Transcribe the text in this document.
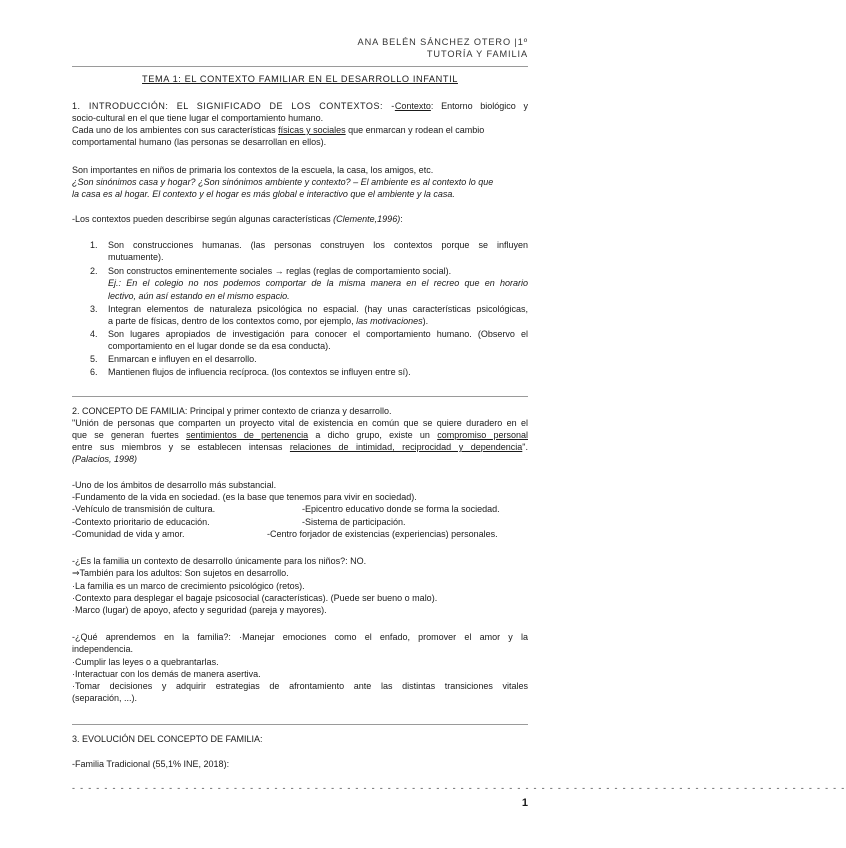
ANA BELÉN SÁNCHEZ OTERO |1º
TUTORÍA Y FAMILIA
TEMA 1: EL CONTEXTO FAMILIAR EN EL DESARROLLO INFANTIL
1. INTRODUCCIÓN: EL SIGNIFICADO DE LOS CONTEXTOS: -Contexto: Entorno biológico y
socio-cultural en el que tiene lugar el comportamiento humano.
Cada uno de los ambientes con sus características físicas y sociales que enmarcan y rodean el cambio
comportamental humano (las personas se desarrollan en ellos).
Son importantes en niños de primaria los contextos de la escuela, la casa, los amigos, etc.
¿Son sinónimos casa y hogar? ¿Son sinónimos ambiente y contexto? – El ambiente es al contexto lo que
la casa es al hogar. El contexto y el hogar es más global e interactivo que el ambiente y la casa.
-Los contextos pueden describirse según algunas características (Clemente,1996):
1.	Son construcciones humanas. (las personas construyen los contextos porque se influyen
mutuamente).
2.	Son constructos eminentemente sociales → reglas (reglas de comportamiento social).
Ej.: En el colegio no nos podemos comportar de la misma manera en el recreo que en horario
lectivo, aún así estando en el mismo espacio.
3.	Integran elementos de naturaleza psicológica no espacial. (hay unas características psicológicas,
a parte de físicas, dentro de los contextos como, por ejemplo, las motivaciones).
4.	Son lugares apropiados de investigación para conocer el comportamiento humano. (Observo el
comportamiento en el lugar donde se da esa conducta).
5.	Enmarcan e influyen en el desarrollo.
6.	Mantienen flujos de influencia recíproca. (los contextos se influyen entre sí).
2. CONCEPTO DE FAMILIA: Principal y primer contexto de crianza y desarrollo.
"Unión de personas que comparten un proyecto vital de existencia en común que se quiere duradero en el
que se generan fuertes sentimientos de pertenencia a dicho grupo, existe un compromiso personal
entre sus miembros y se establecen intensas relaciones de intimidad, reciprocidad y dependencia".
(Palacios, 1998)
-Uno de los ámbitos de desarrollo más substancial.
-Fundamento de la vida en sociedad. (es la base que tenemos para vivir en sociedad).
-Vehículo de transmisión de cultura.	-Epicentro educativo donde se forma la sociedad.
-Contexto prioritario de educación.	-Sistema de participación.
-Comunidad de vida y amor.	-Centro forjador de existencias (experiencias) personales.
-¿Es la familia un contexto de desarrollo únicamente para los niños?: NO.
⇒También para los adultos: Son sujetos en desarrollo.
·La familia es un marco de crecimiento psicológico (retos).
·Contexto para desplegar el bagaje psicosocial (características). (Puede ser bueno o malo).
·Marco (lugar) de apoyo, afecto y seguridad (pareja y mayores).
-¿Qué aprendemos en la familia?: ·Manejar emociones como el enfado, promover el amor y la
independencia.
·Cumplir las leyes o a quebrantarlas.
·Interactuar con los demás de manera asertiva.
·Tomar decisiones y adquirir estrategias de afrontamiento ante las distintas transiciones vitales
(separación, ...).
3. EVOLUCIÓN DEL CONCEPTO DE FAMILIA:
-Familia Tradicional (55,1% INE, 2018):
- - - - - - - - - - - - - - - - - - - - - - - - - - - - - - - - - - - - - - - - - - - - - - - - - - - - - - - - - - - - - - - - - - - - - - - - - - - - - - - - - - - - - - - - - - - - - - - -
1
